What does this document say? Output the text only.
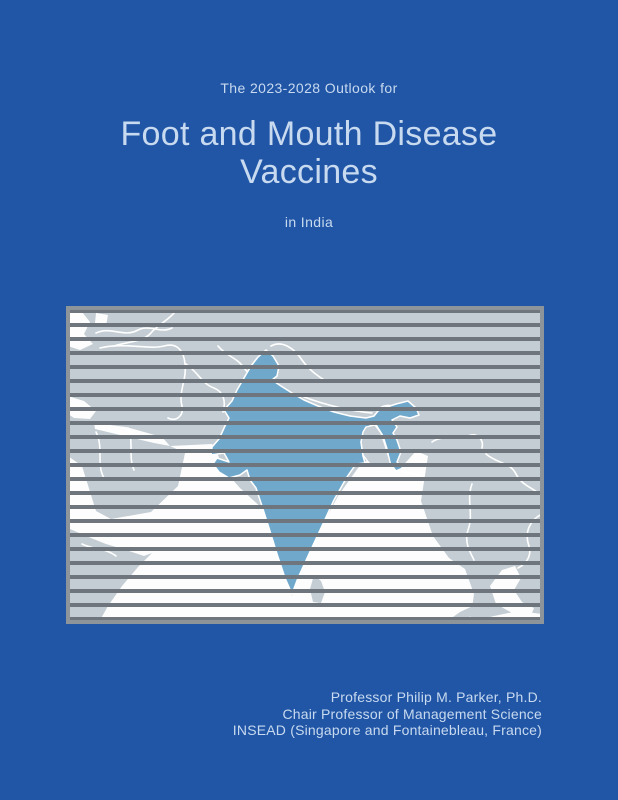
The 2023-2028 Outlook for
Foot and Mouth Disease
Vaccines
in India
Professor Philip M. Parker, Ph.D.
Chair Professor of Management Science
INSEAD (Singapore and Fontainebleau, France)
